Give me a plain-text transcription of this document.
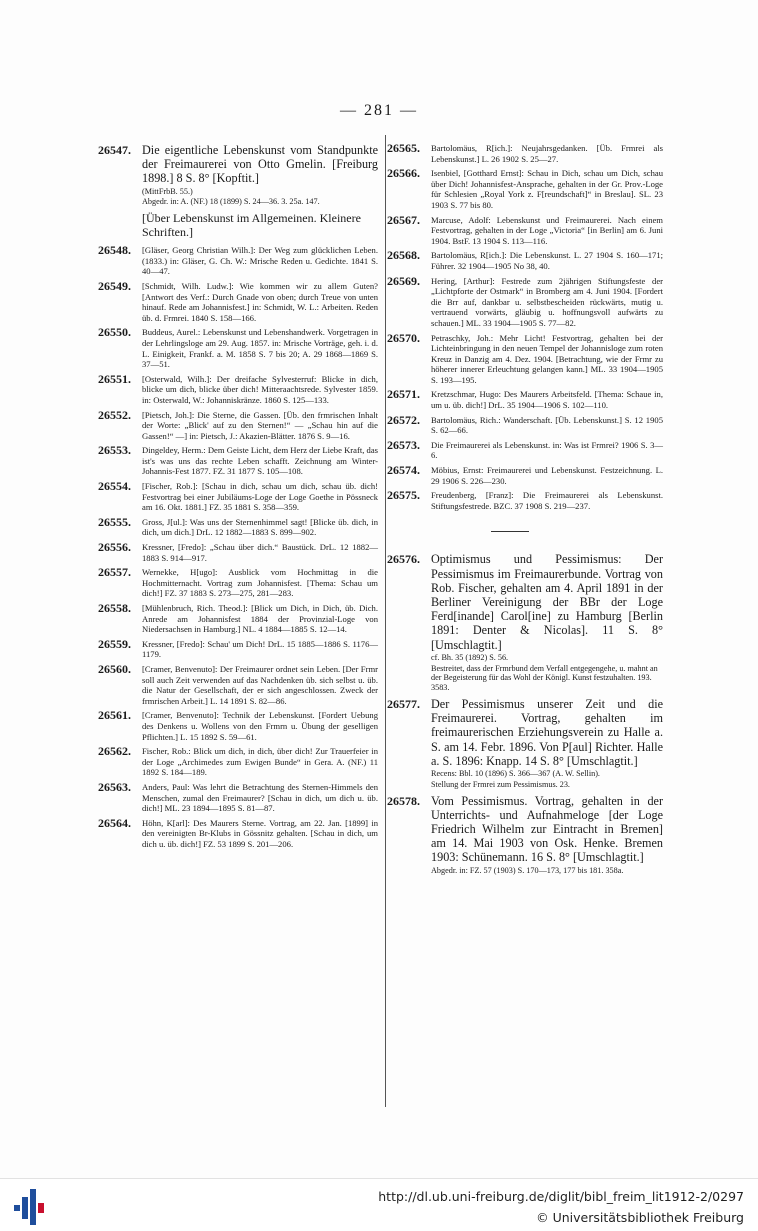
— 281 —
26547. Die eigentliche Lebenskunst vom Standpunkte der Freimaurerei von Otto Gmelin. [Freiburg 1898.] 8 S. 8° [Kopftit.]
(MittFrbB. 55.)
Abgedr. in: A. (NF.) 18 (1899) S. 24—36. 3. 25a. 147.
[Über Lebenskunst im Allgemeinen. Kleinere Schriften.]
26548. [Gläser, Georg Christian Wilh.]: Der Weg zum glücklichen Leben. (1833.) in: Gläser, G. Ch. W.: Mrische Reden u. Gedichte. 1841 S. 40—47.
26549. [Schmidt, Wilh. Ludw.]: Wie kommen wir zu allem Guten? [Antwort des Verf.: Durch Gnade von oben; durch Treue von unten hinauf. Rede am Johannisfest.] in: Schmidt, W. L.: Arbeiten. Reden üb. d. Frmrei. 1840 S. 158—166.
26550. Buddeus, Aurel.: Lebenskunst und Lebenshandwerk. Vorgetragen in der Lehrlingsloge am 29. Aug. 1857. in: Mrische Vorträge, geh. i. d. L. Einigkeit, Frankf. a. M. 1858 S. 7 bis 20; A. 29 1868—1869 S. 37—51.
26551. [Osterwald, Wilh.]: Der dreifache Sylvesterruf: Blicke in dich, blicke um dich, blicke über dich! Mitteraachtsrede. Sylvester 1859. in: Osterwald, W.: Johanniskränze. 1860 S. 125—133.
26552. [Pietsch, Joh.]: Die Sterne, die Gassen. [Üb. den frmrischen Inhalt der Worte: „Blick' auf zu den Sternen!“ — „Schau hin auf die Gassen!“ —] in: Pietsch, J.: Akazien-Blätter. 1876 S. 9—16.
26553. Dingeldey, Herm.: Dem Geiste Licht, dem Herz der Liebe Kraft, das ist's was uns das rechte Leben schafft. Zeichnung am Winter-Johannis-Fest 1877. FZ. 31 1877 S. 105—108.
26554. [Fischer, Rob.]: [Schau in dich, schau um dich, schau üb. dich! Festvortrag bei einer Jubiläums-Loge der Loge Goethe in Pössneck am 16. Okt. 1881.] FZ. 35 1881 S. 358—359.
26555. Gross, J[ul.]: Was uns der Sternenhimmel sagt! [Blicke üb. dich, in dich, um dich.] DrL. 12 1882—1883 S. 899—902.
26556. Kressner, [Fredo]: „Schau über dich.“ Baustück. DrL. 12 1882—1883 S. 914—917.
26557. Wernekke, H[ugo]: Ausblick vom Hochmittag in die Hochmitternacht. Vortrag zum Johannisfest. [Thema: Schau um dich!] FZ. 37 1883 S. 273—275, 281—283.
26558. [Mühlenbruch, Rich. Theod.]: [Blick um Dich, in Dich, üb. Dich. Anrede am Johannisfest 1884 der Provinzial-Loge von Niedersachsen in Hamburg.] NL. 4 1884—1885 S. 12—14.
26559. Kressner, [Fredo]: Schau' um Dich! DrL. 15 1885—1886 S. 1176—1179.
26560. [Cramer, Benvenuto]: Der Freimaurer ordnet sein Leben. [Der Frmr soll auch Zeit verwenden auf das Nachdenken üb. sich selbst u. üb. die Natur der Gesellschaft, der er sich angeschlossen. Zweck der frmrischen Arbeit.] L. 14 1891 S. 82—86.
26561. [Cramer, Benvenuto]: Technik der Lebenskunst. [Fordert Uebung des Denkens u. Wollens von den Frmrn u. Übung der geselligen Pflichten.] L. 15 1892 S. 59—61.
26562. Fischer, Rob.: Blick um dich, in dich, über dich! Zur Trauerfeier in der Loge „Archimedes zum Ewigen Bunde“ in Gera. A. (NF.) 11 1892 S. 184—189.
26563. Anders, Paul: Was lehrt die Betrachtung des Sternen-Himmels den Menschen, zumal den Freimaurer? [Schau in dich, um dich u. üb. dich!] ML. 23 1894—1895 S. 81—87.
26564. Höhn, K[arl]: Des Maurers Sterne. Vortrag, am 22. Jan. [1899] in den vereinigten Br-Klubs in Gössnitz gehalten. [Schau in dich, um dich u. üb. dich!] FZ. 53 1899 S. 201—206.
26565. Bartolomäus, R[ich.]: Neujahrsgedanken. [Üb. Frmrei als Lebenskunst.] L. 26 1902 S. 25—27.
26566. Isenbiel, [Gotthard Ernst]: Schau in Dich, schau um Dich, schau über Dich! Johannisfest-Ansprache, gehalten in der Gr. Prov.-Loge für Schlesien „Royal York z. F[reundschaft]“ in Breslau]. SL. 23 1903 S. 77 bis 80.
26567. Marcuse, Adolf: Lebenskunst und Freimaurerei. Nach einem Festvortrag, gehalten in der Loge „Victoria“ [in Berlin] am 6. Juni 1904. BstF. 13 1904 S. 113—116.
26568. Bartolomäus, R[ich.]: Die Lebenskunst. L. 27 1904 S. 160—171; Führer. 32 1904—1905 No 38, 40.
26569. Hering, [Arthur]: Festrede zum 2jährigen Stiftungsfeste der „Lichtpforte der Ostmark“ in Bromberg am 4. Juni 1904. [Fordert die Brr auf, dankbar u. selbstbescheiden rückwärts, mutig u. vertrauend vorwärts, gläubig u. hoffnungsvoll aufwärts zu schauen.] ML. 33 1904—1905 S. 77—82.
26570. Petraschky, Joh.: Mehr Licht! Festvortrag, gehalten bei der Lichteinbringung in den neuen Tempel der Johannisloge zum roten Kreuz in Danzig am 4. Dez. 1904. [Betrachtung, wie der Frmr zu höherer innerer Erleuchtung gelangen kann.] ML. 33 1904—1905 S. 193—195.
26571. Kretzschmar, Hugo: Des Maurers Arbeitsfeld. [Thema: Schaue in, um u. üb. dich!] DrL. 35 1904—1906 S. 102—110.
26572. Bartolomäus, Rich.: Wanderschaft. [Üb. Lebenskunst.] S. 12 1905 S. 62—66.
26573. Die Freimaurerei als Lebenskunst. in: Was ist Frmrei? 1906 S. 3—6.
26574. Möbius, Ernst: Freimaurerei und Lebenskunst. Festzeichnung. L. 29 1906 S. 226—230.
26575. Freudenberg, [Franz]: Die Freimaurerei als Lebenskunst. Stiftungsfestrede. BZC. 37 1908 S. 219—237.
26576. Optimismus und Pessimismus: Der Pessimismus im Freimaurerbunde. Vortrag von Rob. Fischer, gehalten am 4. April 1891 in der Berliner Vereinigung der BBr der Loge Ferd[inande] Carol[ine] zu Hamburg [Berlin 1891: Denter & Nicolas]. 11 S. 8° [Umschlagtit.]
cf. Bh. 35 (1892) S. 56.
Bestreitet, dass der Frmrbund dem Verfall entgegengehe, u. mahnt an der Begeisterung für das Wohl der Königl. Kunst festzuhalten. 193. 3583.
26577. Der Pessimismus unserer Zeit und die Freimaurerei. Vortrag, gehalten im freimaurerischen Erziehungsverein zu Halle a. S. am 14. Febr. 1896. Von P[aul] Richter. Halle a. S. 1896: Knapp. 14 S. 8° [Umschlagtit.]
Recens: Bbl. 10 (1896) S. 366—367 (A. W. Sellin).
Stellung der Frmrei zum Pessimismus. 23.
26578. Vom Pessimismus. Vortrag, gehalten in der Unterrichts- und Aufnahmeloge [der Loge Friedrich Wilhelm zur Eintracht in Bremen] am 14. Mai 1903 von Osk. Henke. Bremen 1903: Schünemann. 16 S. 8° [Umschlagtit.]
Abgedr. in: FZ. 57 (1903) S. 170—173, 177 bis 181. 358a.
http://dl.ub.uni-freiburg.de/diglit/bibl_freim_lit1912-2/0297
© Universitätsbibliothek Freiburg
